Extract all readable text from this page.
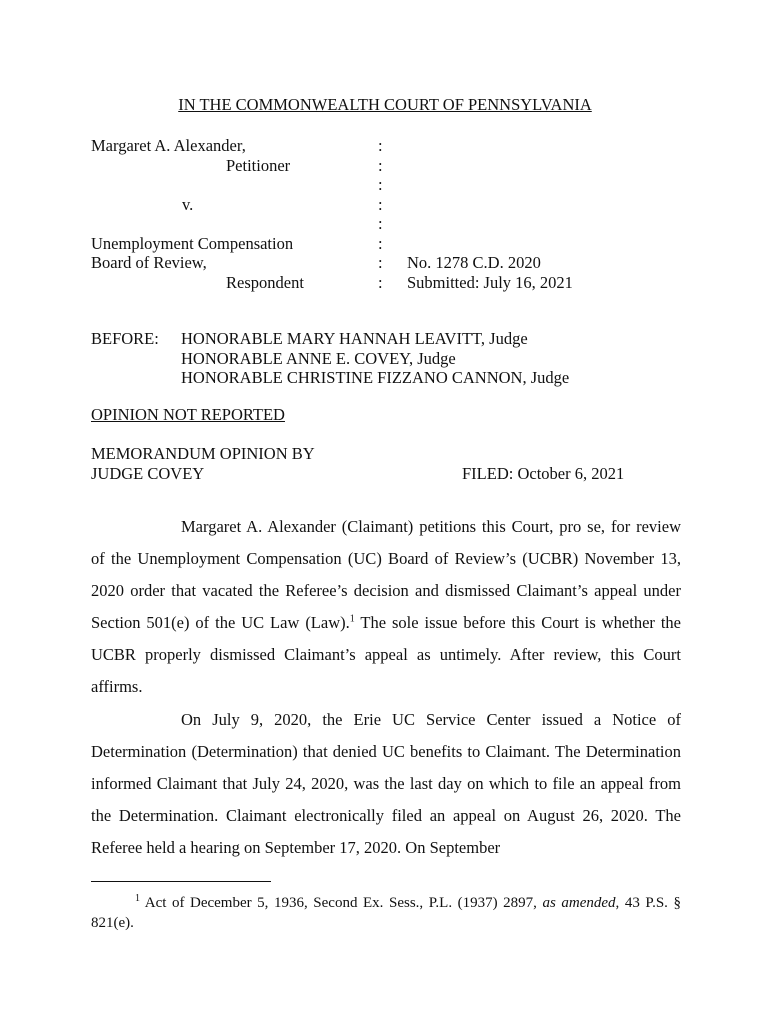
IN THE COMMONWEALTH COURT OF PENNSYLVANIA
Margaret A. Alexander,
Petitioner
v.
Unemployment Compensation
Board of Review,
Respondent
:
:
:
:
:
:
:
:
No. 1278 C.D. 2020
Submitted: July 16, 2021
BEFORE: HONORABLE MARY HANNAH LEAVITT, Judge
HONORABLE ANNE E. COVEY, Judge
HONORABLE CHRISTINE FIZZANO CANNON, Judge
OPINION NOT REPORTED
MEMORANDUM OPINION BY
JUDGE COVEY	FILED: October 6, 2021

Margaret A. Alexander (Claimant) petitions this Court, pro se, for review of the Unemployment Compensation (UC) Board of Review’s (UCBR) November 13, 2020 order that vacated the Referee’s decision and dismissed Claimant’s appeal under Section 501(e) of the UC Law (Law).$^1$ The sole issue before this Court is whether the UCBR properly dismissed Claimant’s appeal as untimely. After review, this Court affirms.

On July 9, 2020, the Erie UC Service Center issued a Notice of Determination (Determination) that denied UC benefits to Claimant. The Determination informed Claimant that July 24, 2020, was the last day on which to file an appeal from the Determination. Claimant electronically filed an appeal on August 26, 2020. The Referee held a hearing on September 17, 2020. On September

$^1$ Act of December 5, 1936, Second Ex. Sess., P.L. (1937) 2897, as amended, 43 P.S. § 821(e).
